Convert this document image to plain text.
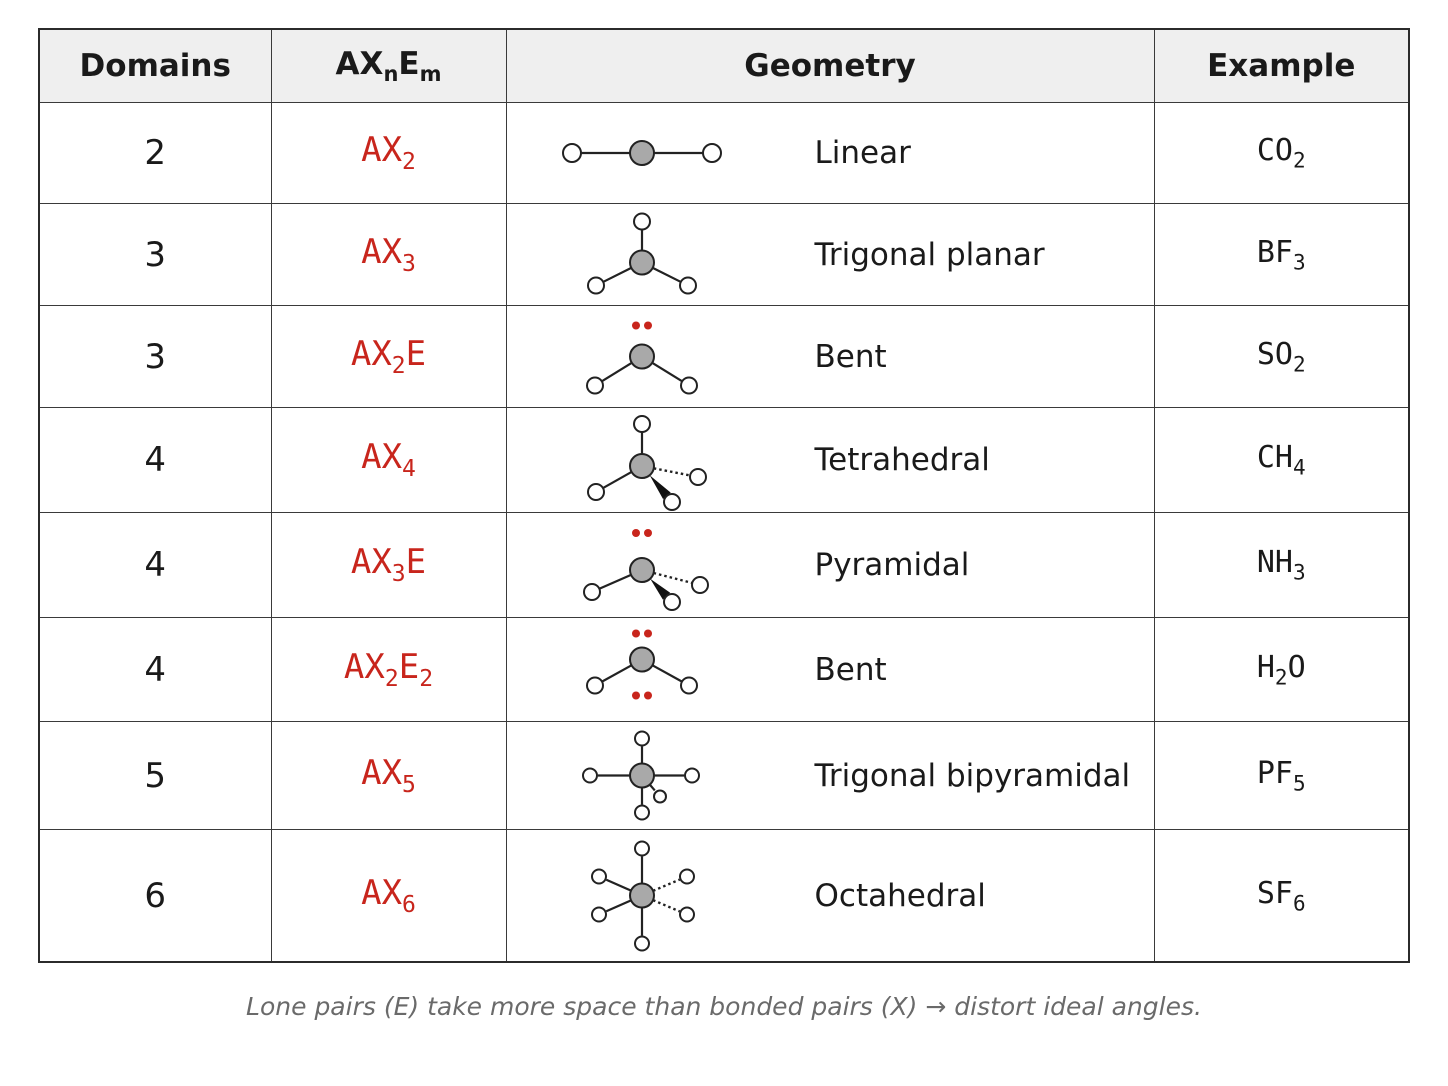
Domains	$AX_nE_m$	Geometry	Example
2	$AX_2$	Linear	$CO_2$
3	$AX_3$	Trigonal planar	$BF_3$
3	$AX_2E$	Bent	$SO_2$
4	$AX_4$	Tetrahedral	$CH_4$
4	$AX_3E$	Pyramidal	$NH_3$
4	$AX_2E_2$	Bent	$H_2O$
5	$AX_5$	Trigonal bipyramidal	$PF_5$
6	$AX_6$	Octahedral	$SF_6$
Lone pairs (E) take more space than bonded pairs (X) → distort ideal angles.
